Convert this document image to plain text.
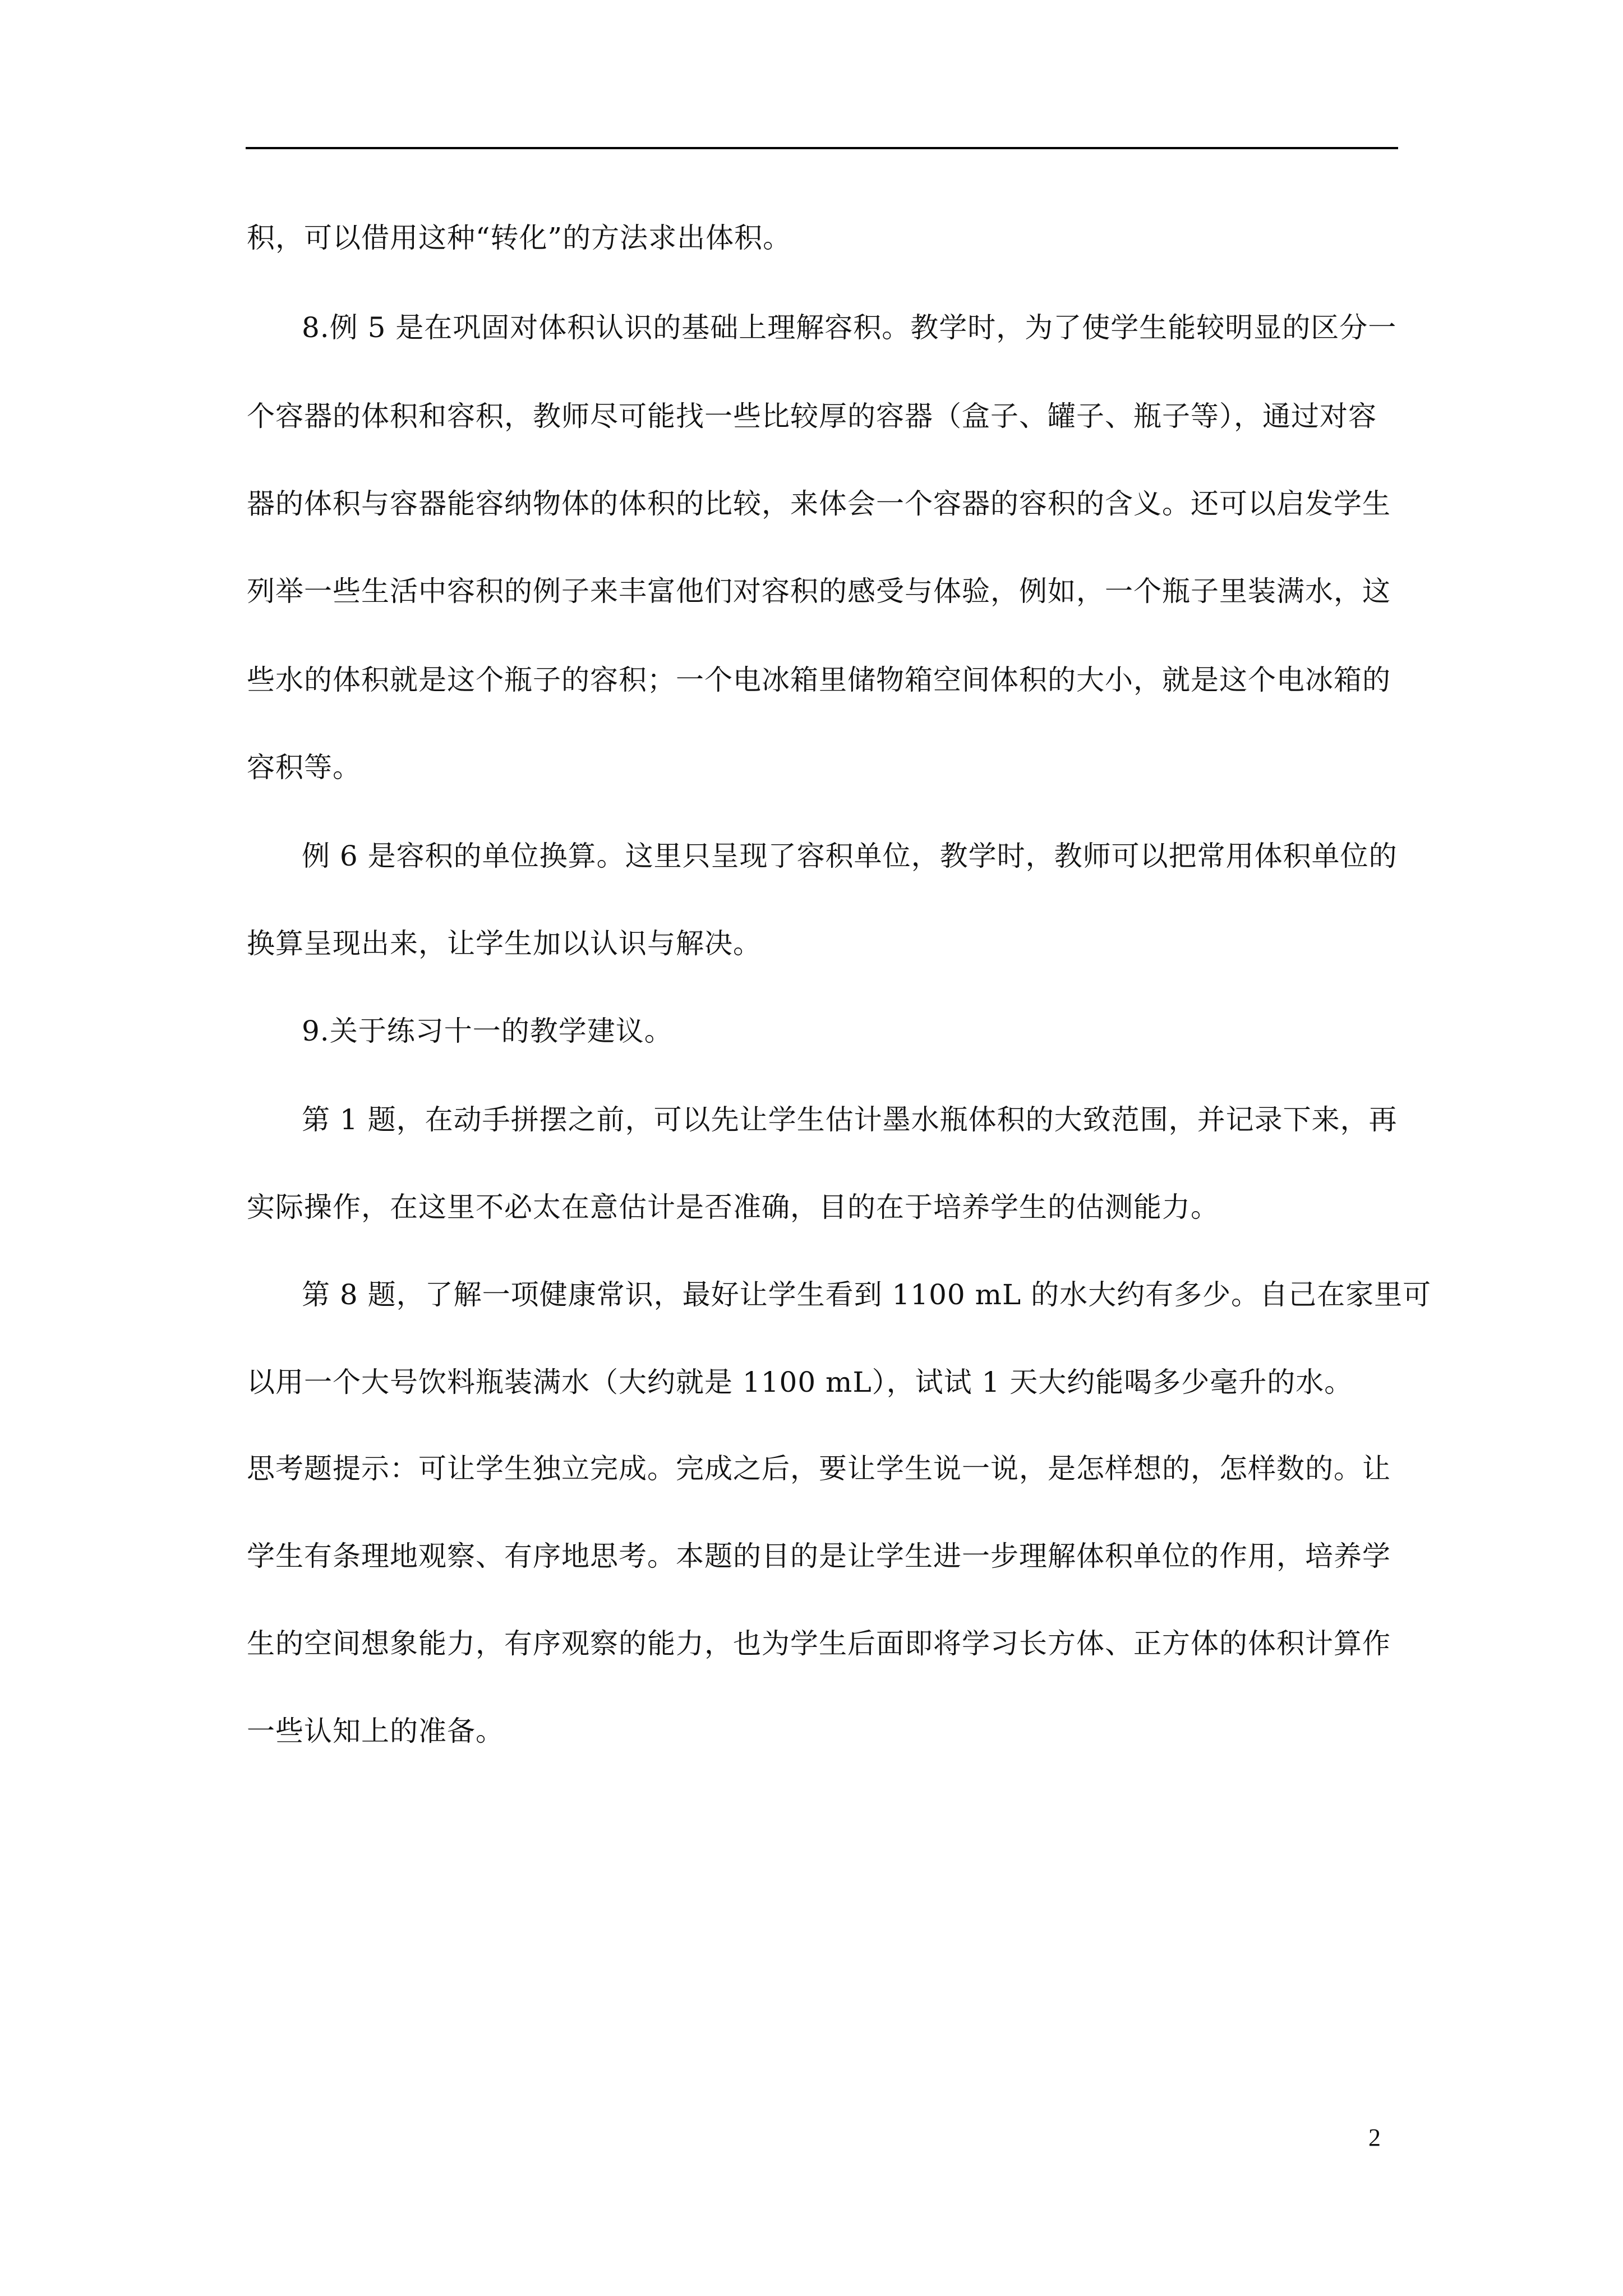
积，可以借用这种“转化”的方法求出体积。
8.例 5 是在巩固对体积认识的基础上理解容积。教学时，为了使学生能较明显的区分一
个容器的体积和容积，教师尽可能找一些比较厚的容器（盒子、罐子、瓶子等），通过对容
器的体积与容器能容纳物体的体积的比较，来体会一个容器的容积的含义。还可以启发学生
列举一些生活中容积的例子来丰富他们对容积的感受与体验，例如，一个瓶子里装满水，这
些水的体积就是这个瓶子的容积；一个电冰箱里储物箱空间体积的大小，就是这个电冰箱的
容积等。
例 6 是容积的单位换算。这里只呈现了容积单位，教学时，教师可以把常用体积单位的
换算呈现出来，让学生加以认识与解决。
9.关于练习十一的教学建议。
第 1 题，在动手拼摆之前，可以先让学生估计墨水瓶体积的大致范围，并记录下来，再
实际操作，在这里不必太在意估计是否准确，目的在于培养学生的估测能力。
第 8 题，了解一项健康常识，最好让学生看到 1100 mL 的水大约有多少。自己在家里可
以用一个大号饮料瓶装满水（大约就是 1100 mL），试试 1 天大约能喝多少毫升的水。
思考题提示：可让学生独立完成。完成之后，要让学生说一说，是怎样想的，怎样数的。让
学生有条理地观察、有序地思考。本题的目的是让学生进一步理解体积单位的作用，培养学
生的空间想象能力，有序观察的能力，也为学生后面即将学习长方体、正方体的体积计算作
一些认知上的准备。
2
